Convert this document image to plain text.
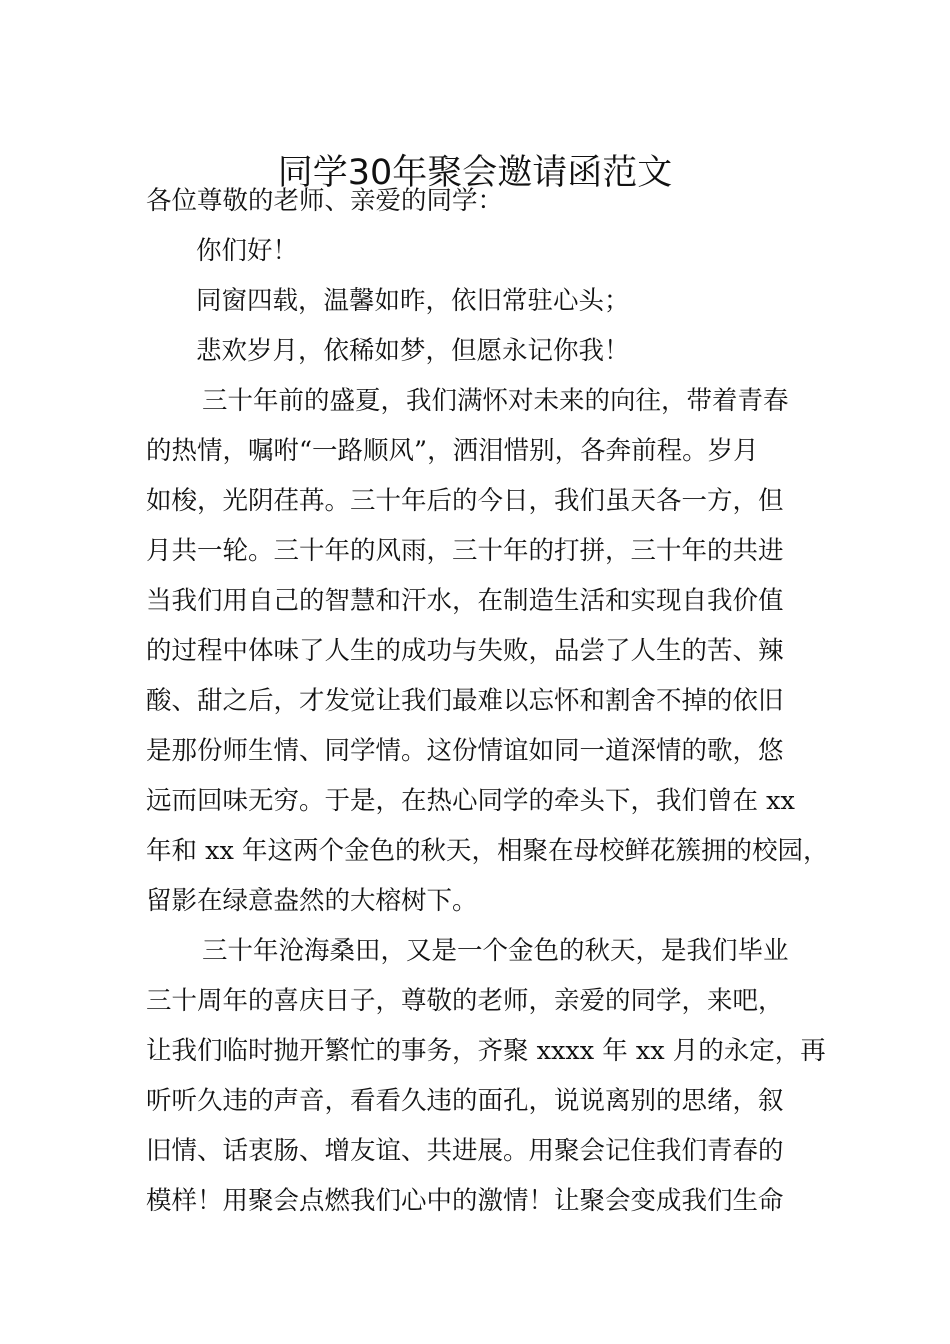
同学30年聚会邀请函范文
各位尊敬的老师、亲爱的同学：
你们好！
同窗四载，温馨如昨，依旧常驻心头；
悲欢岁月，依稀如梦，但愿永记你我！
三十年前的盛夏，我们满怀对未来的向往，带着青春
的热情，嘱咐“一路顺风”，洒泪惜别，各奔前程。岁月
如梭，光阴荏苒。三十年后的今日，我们虽天各一方，但
月共一轮。三十年的风雨，三十年的打拼，三十年的共进
当我们用自己的智慧和汗水，在制造生活和实现自我价值
的过程中体味了人生的成功与失败，品尝了人生的苦、辣
酸、甜之后，才发觉让我们最难以忘怀和割舍不掉的依旧
是那份师生情、同学情。这份情谊如同一道深情的歌，悠
远而回味无穷。于是，在热心同学的牵头下，我们曾在 xx
年和 xx 年这两个金色的秋天，相聚在母校鲜花簇拥的校园，
留影在绿意盎然的大榕树下。
三十年沧海桑田，又是一个金色的秋天，是我们毕业
三十周年的喜庆日子，尊敬的老师，亲爱的同学，来吧，
让我们临时抛开繁忙的事务，齐聚 xxxx 年 xx 月的永定，再
听听久违的声音，看看久违的面孔，说说离别的思绪，叙
旧情、话衷肠、增友谊、共进展。用聚会记住我们青春的
模样！用聚会点燃我们心中的激情！让聚会变成我们生命
